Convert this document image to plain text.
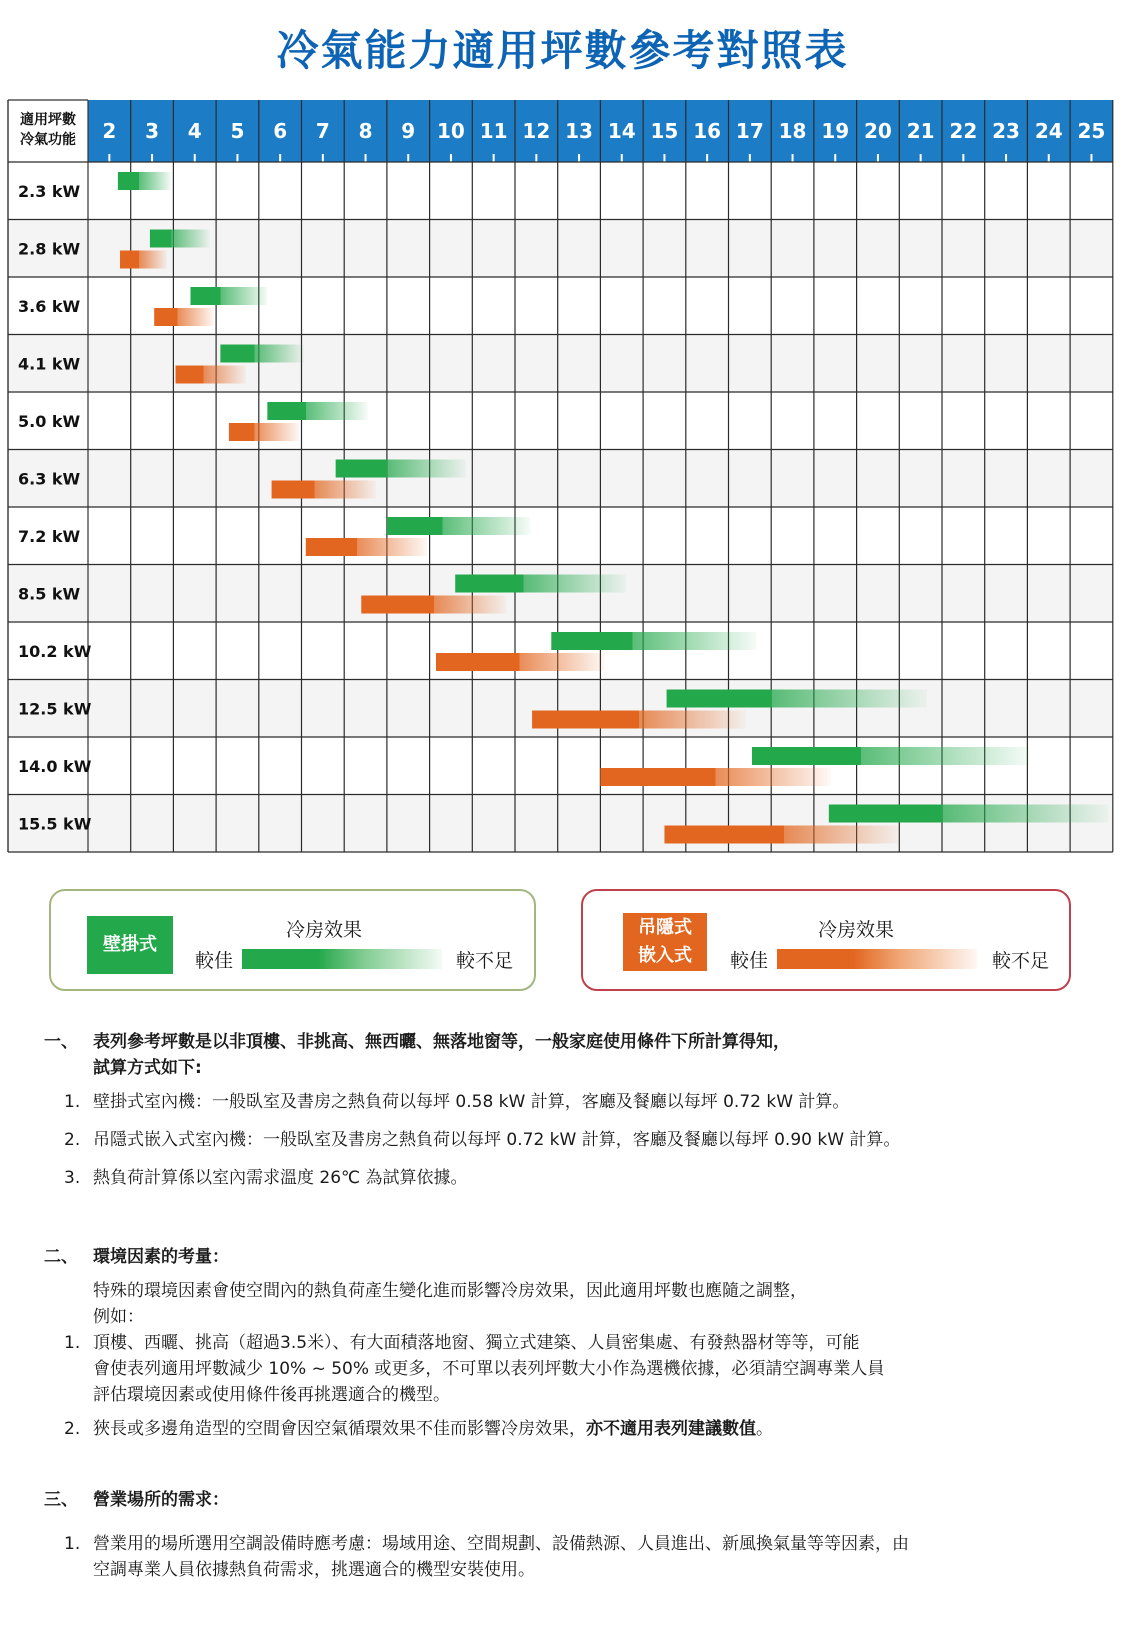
冷氣能力適用坪數參考對照表
適用坪數
冷氣功能 2 3 4 5 6 7 8 9 10 11 12 13 14 15 16 17 18 19 20 21 22 23 24 25
2.3 kW
2.8 kW
3.6 kW
4.1 kW
5.0 kW
6.3 kW
7.2 kW
8.5 kW
10.2 kW
12.5 kW
14.0 kW
15.5 kW
壁掛式
冷房效果
較佳	較不足
吊隱式
嵌入式
冷房效果
較佳	較不足
一、 表列參考坪數是以非頂樓、非挑高、無西曬、無落地窗等，一般家庭使用條件下所計算得知，
試算方式如下:
1. 壁掛式室內機：一般臥室及書房之熱負荷以每坪 0.58 kW 計算，客廳及餐廳以每坪 0.72 kW 計算。
2. 吊隱式嵌入式室內機：一般臥室及書房之熱負荷以每坪 0.72 kW 計算，客廳及餐廳以每坪 0.90 kW 計算。
3. 熱負荷計算係以室內需求溫度 26℃ 為試算依據。
二、 環境因素的考量：
特殊的環境因素會使空間內的熱負荷產生變化進而影響冷房效果，因此適用坪數也應隨之調整，
例如：
1. 頂樓、西曬、挑高（超過3.5米）、有大面積落地窗、獨立式建築、人員密集處、有發熱器材等等，可能
會使表列適用坪數減少 10% ~ 50% 或更多，不可單以表列坪數大小作為選機依據，必須請空調專業人員
評估環境因素或使用條件後再挑選適合的機型。
2. 狹長或多邊角造型的空間會因空氣循環效果不佳而影響冷房效果，亦不適用表列建議數值。
三、 營業場所的需求：
1. 營業用的場所選用空調設備時應考慮：場域用途、空間規劃、設備熱源、人員進出、新風換氣量等等因素，由
空調專業人員依據熱負荷需求，挑選適合的機型安裝使用。
